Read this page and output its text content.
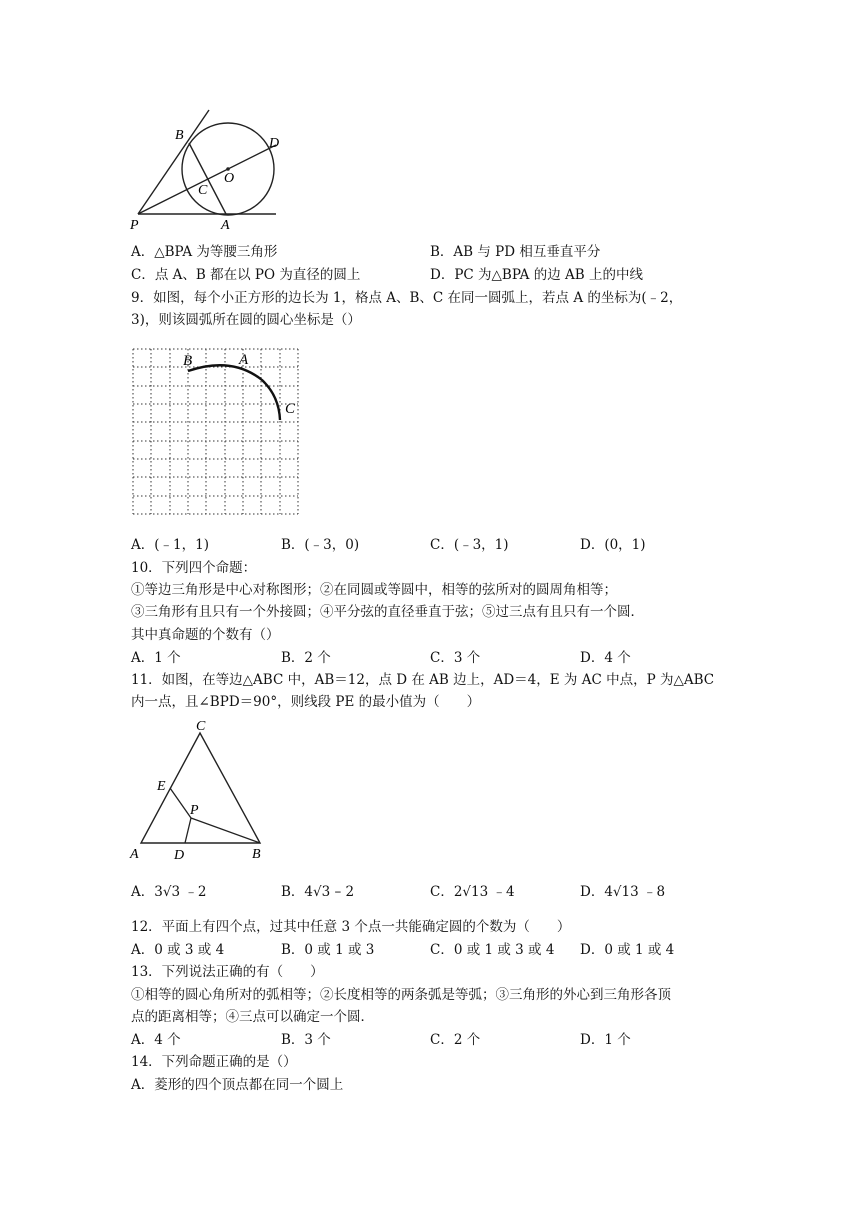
B
D
O
C
P	A
A．△BPA 为等腰三角形	B．AB 与 PD 相互垂直平分
C．点 A、B 都在以 PO 为直径的圆上	D．PC 为△BPA 的边 AB 上的中线
9．如图，每个小正方形的边长为 1，格点 A、B、C 在同一圆弧上，若点 A 的坐标为(﹣2，
3)，则该圆弧所在圆的圆心坐标是（）
B	A
C
A．(﹣1，1)	B．(﹣3，0)	C．(﹣3，1)	D．(0，1)
10．下列四个命题：
①等边三角形是中心对称图形；②在同圆或等圆中，相等的弦所对的圆周角相等；
③三角形有且只有一个外接圆；④平分弦的直径垂直于弦；⑤过三点有且只有一个圆．
其中真命题的个数有（）
A．1 个	B．2 个	C．3 个	D．4 个
11．如图，在等边△ABC 中，AB＝12，点 D 在 AB 边上，AD＝4，E 为 AC 中点，P 为△ABC
内一点，且∠BPD＝90°，则线段 PE 的最小值为（　　）
C
E
P
A	D	B
A．3√3 ﹣2	B．4√3 – 2	C．2√13 ﹣4	D．4√13 ﹣8
12．平面上有四个点，过其中任意 3 个点一共能确定圆的个数为（　　）
A．0 或 3 或 4	B．0 或 1 或 3	C．0 或 1 或 3 或 4 D．0 或 1 或 4
13．下列说法正确的有（　　）
①相等的圆心角所对的弧相等；②长度相等的两条弧是等弧；③三角形的外心到三角形各顶
点的距离相等；④三点可以确定一个圆．
A．4 个	B．3 个	C．2 个	D．1 个
14．下列命题正确的是（）
A．菱形的四个顶点都在同一个圆上
